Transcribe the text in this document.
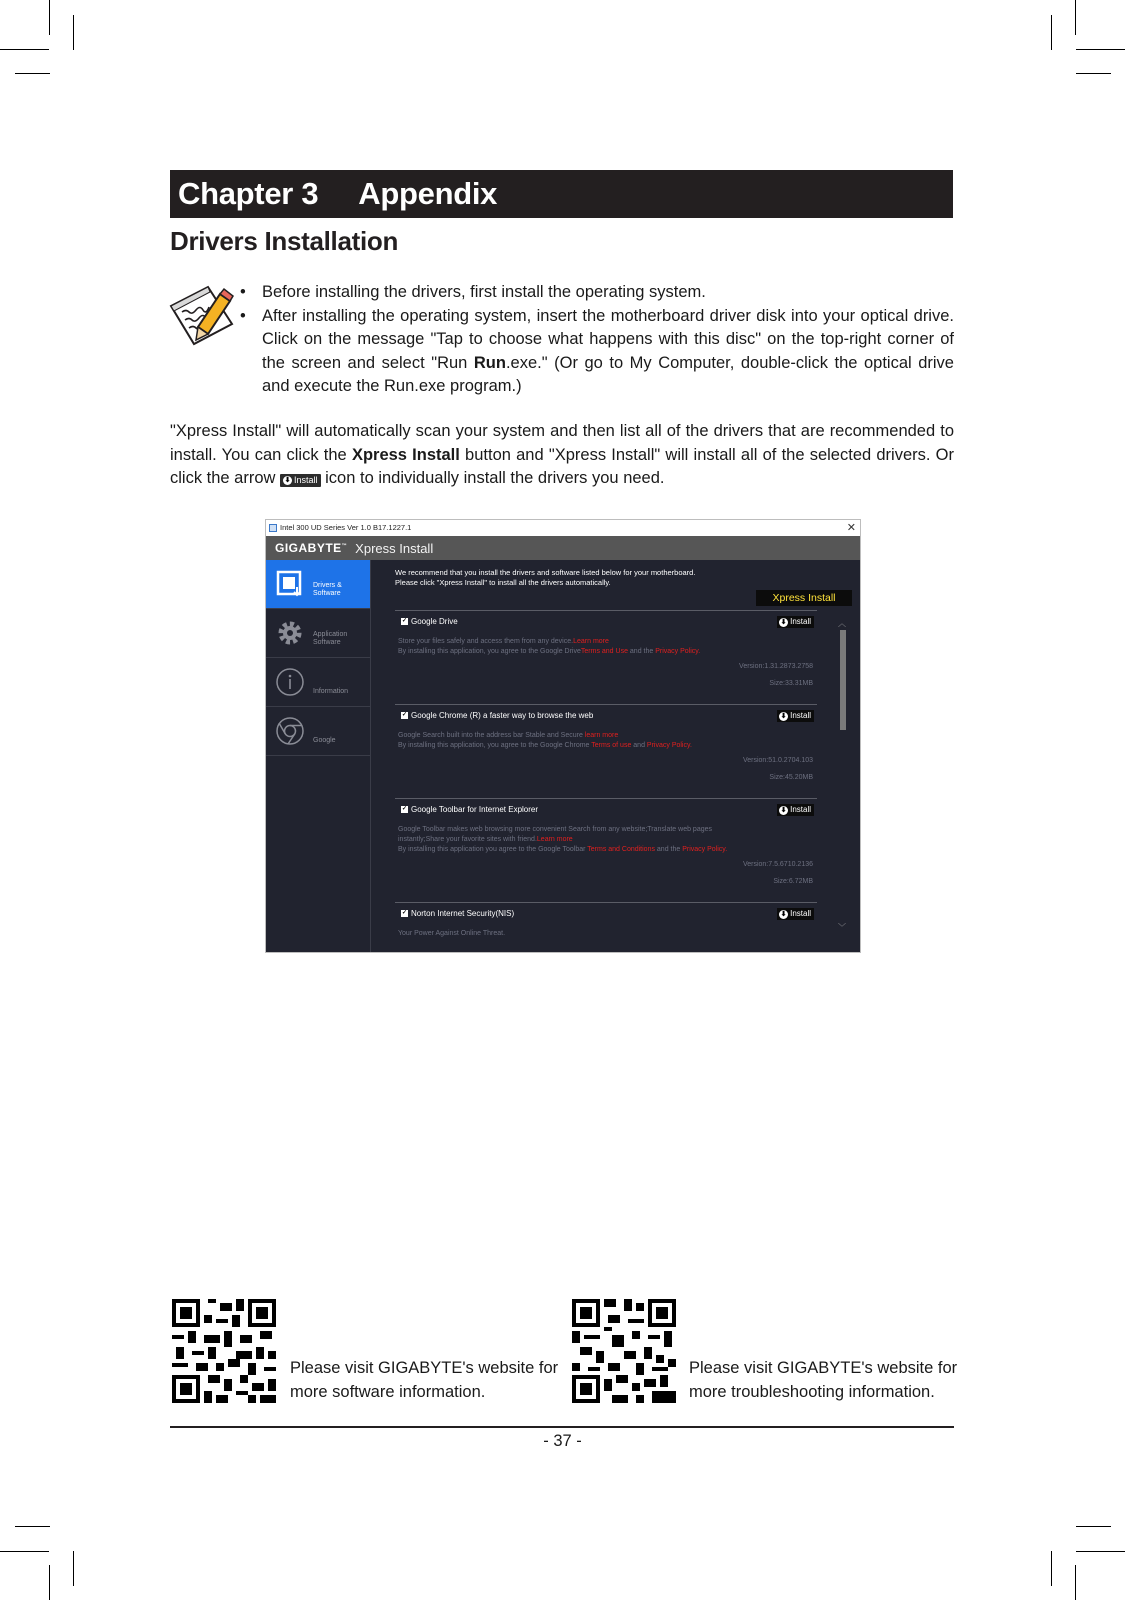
Chapter 3 Appendix
Drivers Installation
• Before installing the drivers, first install the operating system.
• After installing the operating system, insert the motherboard driver disk into your optical drive. Click on the message "Tap to choose what happens with this disc" on the top-right corner of the screen and select "Run Run.exe." (Or go to My Computer, double-click the optical drive and execute the Run.exe program.)
"Xpress Install" will automatically scan your system and then list all of the drivers that are recommended to install. You can click the Xpress Install button and "Xpress Install" will install all of the selected drivers. Or click the arrow ⬇ Install icon to individually install the drivers you need.
Intel 300 UD Series Ver 1.0 B17.1227.1	✕
GIGABYTE™ Xpress Install
Drivers &
Software
Application
Software

Information

Google
We recommend that you install the drivers and software listed below for your motherboard.
Please click "Xpress Install" to install all the drivers automatically.
Xpress Install
✓ Google Drive	⬇ Install
Store your files safely and access them from any device.Learn more
By installing this application, you agree to the Google DriveTerms and Use and the Privacy Policy.
Version:1.31.2873.2758
Size:33.31MB
✓ Google Chrome (R) a faster way to browse the web	⬇ Install
Google Search built into the address bar Stable and Secure learn more
By installing this application, you agree to the Google Chrome Terms of use and Privacy Policy.
Version:51.0.2704.103
Size:45.20MB
✓ Google Toolbar for Internet Explorer	⬇ Install
Google Toolbar makes web browsing more convenient Search from any website;Translate web pages
instantly;Share your favorite sites with friend.Learn more
By installing this application you agree to the Google Toolbar Terms and Conditions and the Privacy Policy.
Version:7.5.6710.2136
Size:6.72MB
✓ Norton Internet Security(NIS)	⬇ Install
Your Power Against Online Threat.
︿
﹀
Please visit GIGABYTE's website for more software information.
Please visit GIGABYTE's website for more troubleshooting information.
- 37 -
